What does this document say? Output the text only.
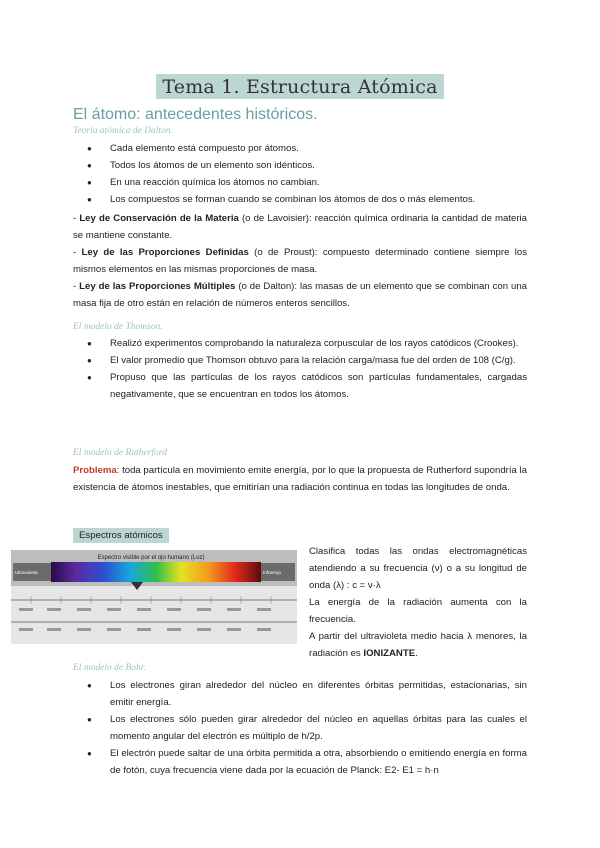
Tema 1. Estructura Atómica
El átomo: antecedentes históricos.
Teoría atómica de Dalton.
● Cada elemento está compuesto por átomos.
● Todos los átomos de un elemento son idénticos.
● En una reacción química los átomos no cambian.
● Los compuestos se forman cuando se combinan los átomos de dos o más elementos.
- Ley de Conservación de la Materia (o de Lavoisier): reacción química ordinaria la cantidad de materia se mantiene constante.
- Ley de las Proporciones Definidas (o de Proust): compuesto determinado contiene siempre los mismos elementos en las mismas proporciones de masa.
- Ley de las Proporciones Múltiples (o de Dalton): las masas de un elemento que se combinan con una masa fija de otro están en relación de números enteros sencillos.
El modelo de Thomson.
● Realizó experimentos comprobando la naturaleza corpuscular de los rayos catódicos (Crookes).
● El valor promedio que Thomson obtuvo para la relación carga/masa fue del orden de 108 (C/g).
● Propuso que las partículas de los rayos catódicos son partículas fundamentales, cargadas negativamente, que se encuentran en todos los átomos.
El modelo de Rutherford
Problema: toda partícula en movimiento emite energía, por lo que la propuesta de Rutherford supondría la existencia de átomos inestables, que emitirían una radiación continua en todas las longitudes de onda.
Espectros atómicos
Espectro visible por el ojo humano (Luz)
Ultravioleta	Infrarrojo
Clasifica todas las ondas electromagnéticas atendiendo a su frecuencia (ν) o a su longitud de onda (λ) : c = ν·λ
La energía de la radiación aumenta con la frecuencia.
A partir del ultravioleta medio hacia λ menores, la radiación es IONIZANTE.
El modelo de Bohr.
● Los electrones giran alrededor del núcleo en diferentes órbitas permitidas, estacionarias, sin emitir energía.
● Los electrones sólo pueden girar alrededor del núcleo en aquellas órbitas para las cuales el momento angular del electrón es múltiplo de h/2p.
● El electrón puede saltar de una órbita permitida a otra, absorbiendo o emitiendo energía en forma de fotón, cuya frecuencia viene dada por la ecuación de Planck: E2- E1 = h·n
